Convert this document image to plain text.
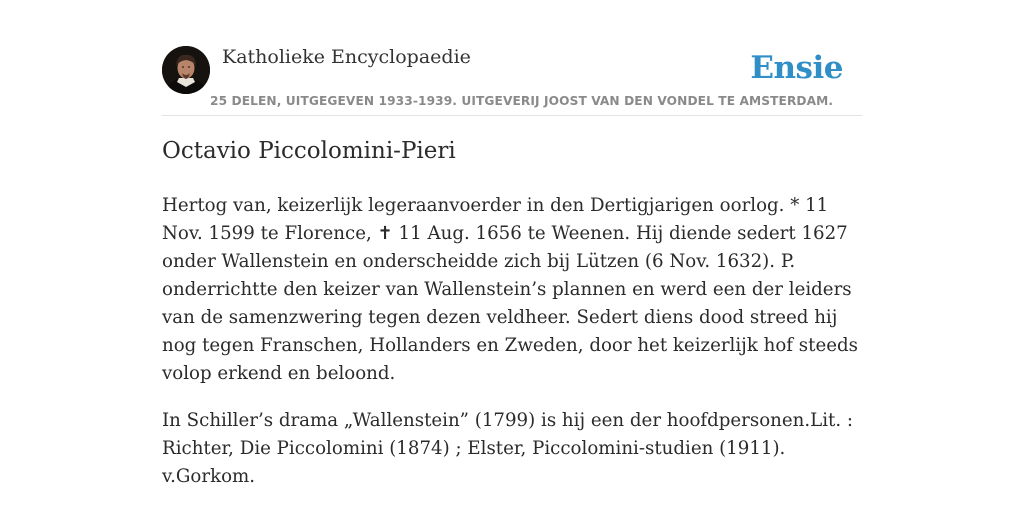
Katholieke Encyclopaedie	Ensie
25 DELEN, UITGEGEVEN 1933-1939. UITGEVERIJ JOOST VAN DEN VONDEL TE AMSTERDAM.
Octavio Piccolomini-Pieri

Hertog van, keizerlijk legeraanvoerder in den Dertigjarigen oorlog. * 11 Nov. 1599 te Florence, ✝ 11 Aug. 1656 te Weenen. Hij diende sedert 1627 onder Wallenstein en onderscheidde zich bij Lützen (6 Nov. 1632). P. onderrichtte den keizer van Wallenstein’s plannen en werd een der leiders van de samenzwering tegen dezen veldheer. Sedert diens dood streed hij nog tegen Franschen, Hollanders en Zweden, door het keizerlijk hof steeds volop erkend en beloond.

In Schiller’s drama „Wallenstein” (1799) is hij een der hoofdpersonen.Lit. : Richter, Die Piccolomini (1874) ; Elster, Piccolomini-studien (1911).

v.Gorkom.
